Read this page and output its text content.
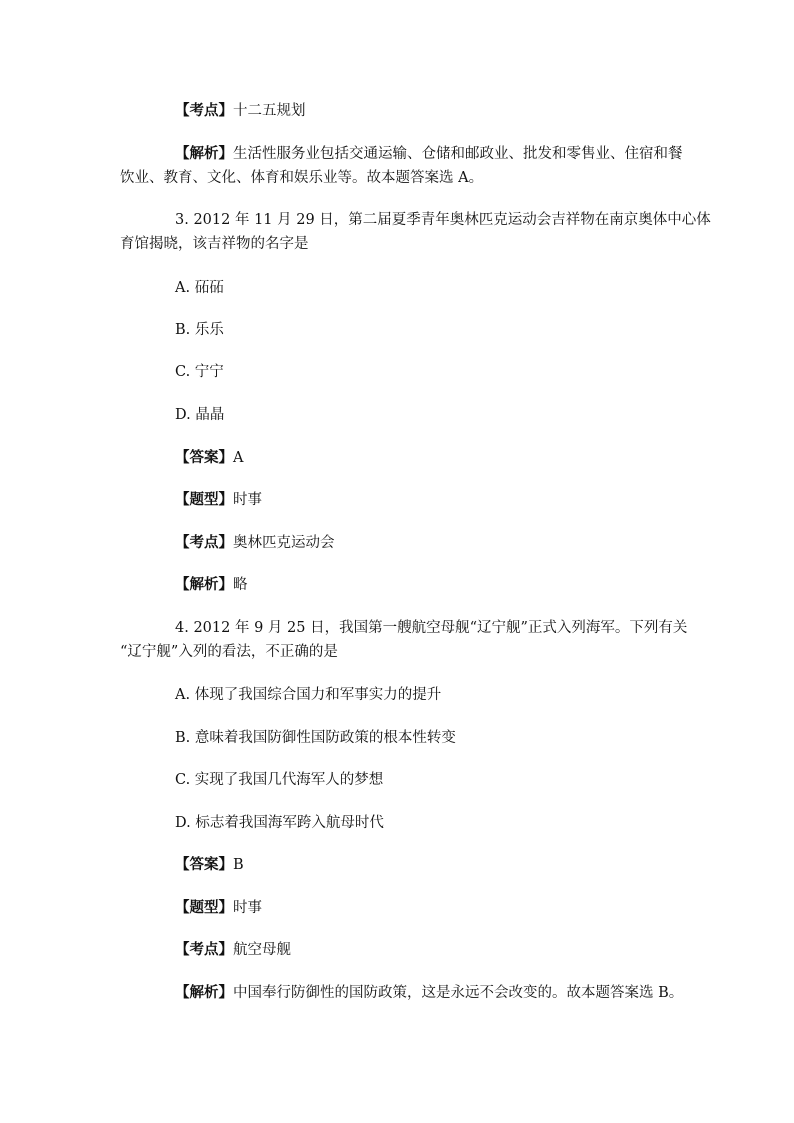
【考点】十二五规划
【解析】生活性服务业包括交通运输、仓储和邮政业、批发和零售业、住宿和餐
饮业、教育、文化、体育和娱乐业等。故本题答案选 A。
3. 2012 年 11 月 29 日，第二届夏季青年奥林匹克运动会吉祥物在南京奥体中心体
育馆揭晓，该吉祥物的名字是
A. 砳砳
B. 乐乐
C. 宁宁
D. 晶晶
【答案】A
【题型】时事
【考点】奥林匹克运动会
【解析】略
4. 2012 年 9 月 25 日，我国第一艘航空母舰“辽宁舰”正式入列海军。下列有关
“辽宁舰”入列的看法，不正确的是
A. 体现了我国综合国力和军事实力的提升
B. 意味着我国防御性国防政策的根本性转变
C. 实现了我国几代海军人的梦想
D. 标志着我国海军跨入航母时代
【答案】B
【题型】时事
【考点】航空母舰
【解析】中国奉行防御性的国防政策，这是永远不会改变的。故本题答案选 B。
